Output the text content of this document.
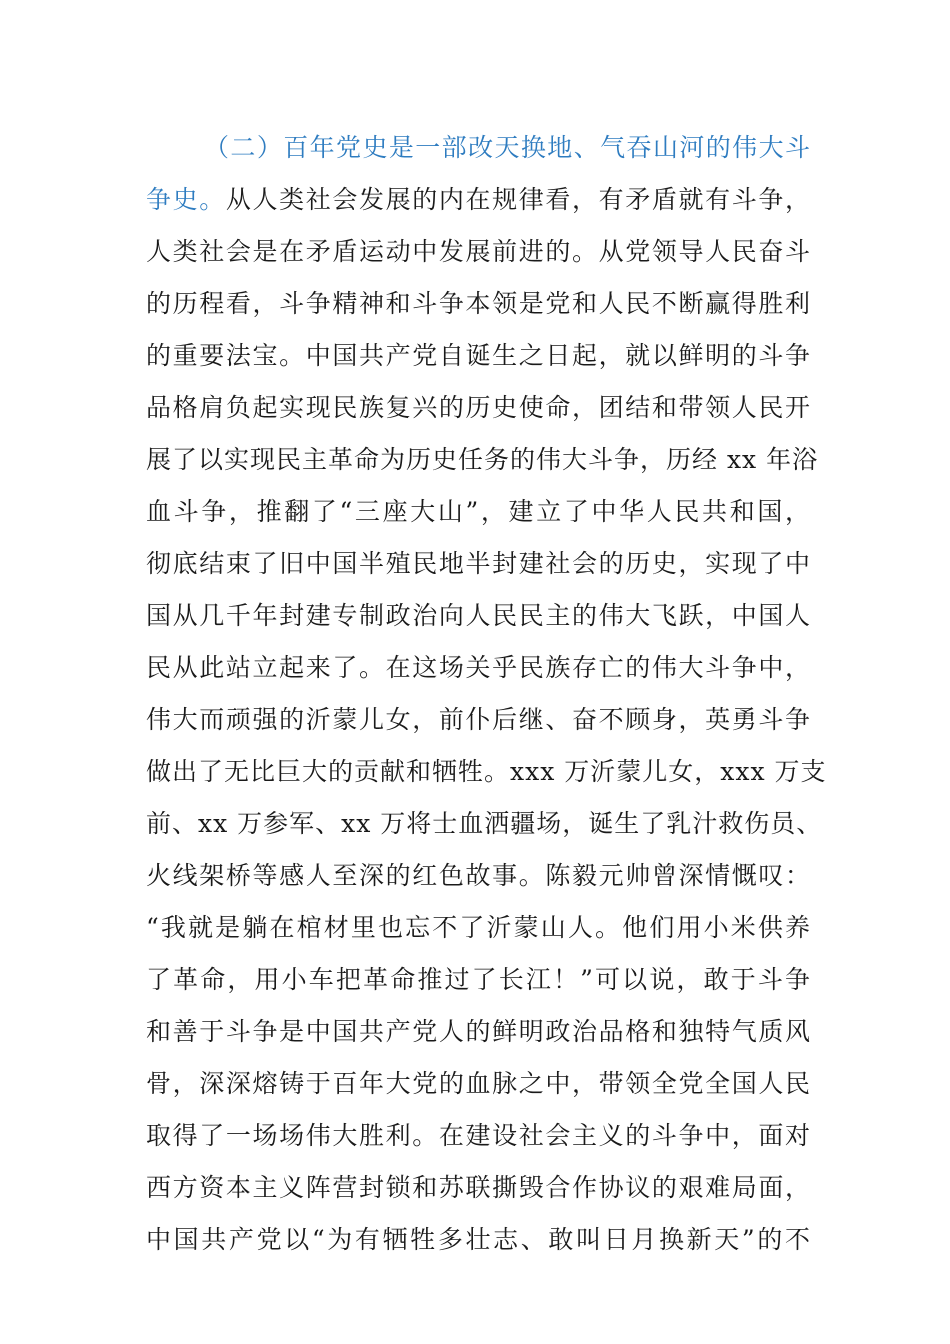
（二）百年党史是一部改天换地、气吞山河的伟大斗
争史。从人类社会发展的内在规律看，有矛盾就有斗争，
人类社会是在矛盾运动中发展前进的。从党领导人民奋斗
的历程看，斗争精神和斗争本领是党和人民不断赢得胜利
的重要法宝。中国共产党自诞生之日起，就以鲜明的斗争
品格肩负起实现民族复兴的历史使命，团结和带领人民开
展了以实现民主革命为历史任务的伟大斗争，历经 xx 年浴
血斗争，推翻了“三座大山”，建立了中华人民共和国，
彻底结束了旧中国半殖民地半封建社会的历史，实现了中
国从几千年封建专制政治向人民民主的伟大飞跃，中国人
民从此站立起来了。在这场关乎民族存亡的伟大斗争中，
伟大而顽强的沂蒙儿女，前仆后继、奋不顾身，英勇斗争
做出了无比巨大的贡献和牺牲。xxx 万沂蒙儿女，xxx 万支
前、xx 万参军、xx 万将士血洒疆场，诞生了乳汁救伤员、
火线架桥等感人至深的红色故事。陈毅元帅曾深情慨叹：
“我就是躺在棺材里也忘不了沂蒙山人。他们用小米供养
了革命，用小车把革命推过了长江！”可以说，敢于斗争
和善于斗争是中国共产党人的鲜明政治品格和独特气质风
骨，深深熔铸于百年大党的血脉之中，带领全党全国人民
取得了一场场伟大胜利。在建设社会主义的斗争中，面对
西方资本主义阵营封锁和苏联撕毁合作协议的艰难局面，
中国共产党以“为有牺牲多壮志、敢叫日月换新天”的不
